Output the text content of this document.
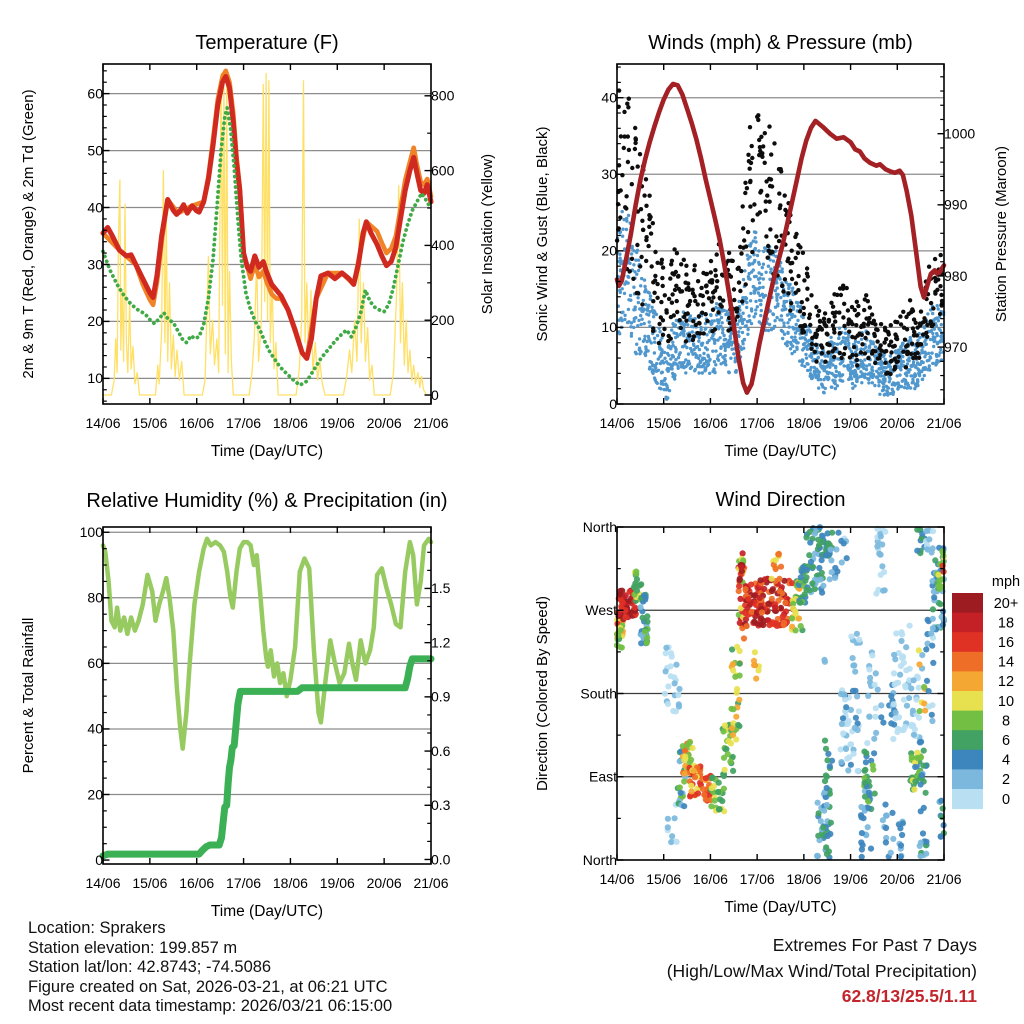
14/06 15/06 16/06 17/06 18/06 19/06 20/06 21/06
10
20
30
40
50
60
0
200
400
600
800
Temperature (F)
Time (Day/UTC)
2m & 9m T (Red, Orange) & 2m Td (Green)	Solar Insolation (Yellow)
14/06 15/06 16/06 17/06 18/06 19/06 20/06 21/06
0
10
20
30
40
970
980
990
1000
Winds (mph) & Pressure (mb)
Time (Day/UTC)
Sonic Wind & Gust (Blue, Black)	Station Pressure (Maroon)
14/06 15/06 16/06 17/06 18/06 19/06 20/06 21/06
0
20
40
60
80
100
0.0
0.3
0.6
0.9
1.2
1.5
Relative Humidity (%) & Precipitation (in)
Time (Day/UTC)
Percent & Total Rainfall
14/06 15/06 16/06 17/06 18/06 19/06 20/06 21/06
North
West
South
East
North
Wind Direction
Time (Day/UTC)
Direction (Colored By Speed)
mph
20+
18
16
14
12
10
8
6
4
2
0
Location: Sprakers
Station elevation: 199.857 m
Station lat/lon: 42.8743; -74.5086
Figure created on Sat, 2026-03-21, at 06:21 UTC
Most recent data timestamp: 2026/03/21 06:15:00
Extremes For Past 7 Days
(High/Low/Max Wind/Total Precipitation)
62.8/13/25.5/1.11
